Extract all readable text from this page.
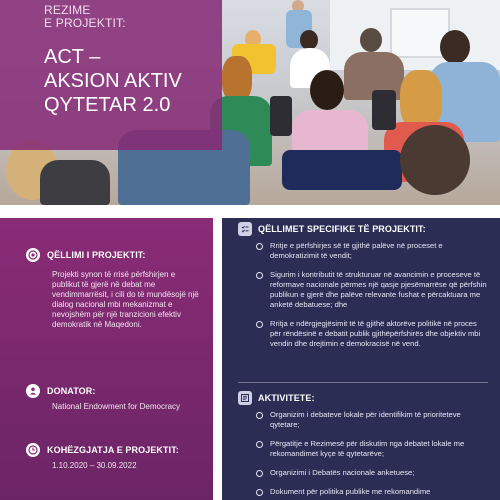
REZIME
E PROJEKTIT:
ACT –
AKSION AKTIV
QYTETAR 2.0
QËLLIMI I PROJEKTIT:
Projekti synon të rrisë përfshirjen e publikut të gjerë në debat me vendimmarrësit, i cili do të mundësojë një dialog nacional mbi mekanizmat e nevojshëm për një tranzicioni efektiv demokratik në Maqedoni.
DONATOR:
National Endowment for Democracy
KOHËZGJATJA E PROJEKTIT:
1.10.2020 – 30.09.2022
QËLLIMET SPECIFIKE TË PROJEKTIT:
Rritje e përfshirjes së të gjithë palëve në proceset e demokratizimit të vendit;
Sigurim i kontributit të strukturuar në avancimin e proceseve të reformave nacionale përmes një qasje pjesëmarrëse që përfshin publikun e gjerë dhe palëve relevante fushat e përcaktuara me anketë debatuese; dhe
Rritja e ndërgjegjësimit të të gjithë aktorëve politikë në proces për rëndësinë e debatit publik gjithëpërfshirës dhe objektiv mbi vendin dhe drejtimin e demokracisë në vend.
AKTIVITETE:
Organizim i debateve lokale për identifikim të prioriteteve qytetare;
Përgatitje e Rezimesë për diskutim nga debatet lokale me rekomandimet kyçe të qytetarëve;
Organizimi i Debatës nacionale anketuese;
Dokument për politika publike me rekomandime
